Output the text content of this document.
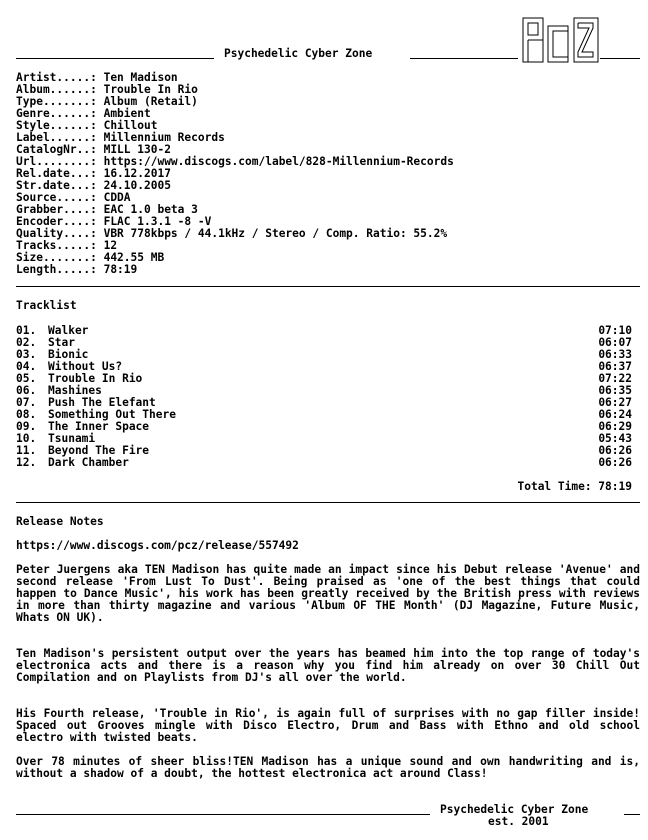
Psychedelic Cyber Zone
Artist.....: Ten Madison
Album......: Trouble In Rio
Type.......: Album (Retail)
Genre......: Ambient
Style......: Chillout
Label......: Millennium Records
CatalogNr..: MILL 130-2
Url........: https://www.discogs.com/label/828-Millennium-Records
Rel.date...: 16.12.2017
Str.date...: 24.10.2005
Source.....: CDDA
Grabber....: EAC 1.0 beta 3
Encoder....: FLAC 1.3.1 -8 -V
Quality....: VBR 778kbps / 44.1kHz / Stereo / Comp. Ratio: 55.2%
Tracks.....: 12
Size.......: 442.55 MB
Length.....: 78:19
Tracklist
01. Walker	07:10
02. Star	06:07
03. Bionic	06:33
04. Without Us?	06:37
05. Trouble In Rio	07:22
06. Mashines	06:35
07. Push The Elefant	06:27
08. Something Out There	06:24
09. The Inner Space	06:29
10. Tsunami	05:43
11. Beyond The Fire	06:26
12. Dark Chamber	06:26
Total Time: 78:19
Release Notes
https://www.discogs.com/pcz/release/557492
Peter Juergens aka TEN Madison has quite made an impact since his Debut release 'Avenue' and second release 'From Lust To Dust'. Being praised as 'one of the best things that could happen to Dance Music', his work has been greatly received by the British press with reviews in more than thirty magazine and various 'Album OF THE Month' (DJ Magazine, Future Music, Whats ON UK).
Ten Madison's persistent output over the years has beamed him into the top range of today's electronica acts and there is a reason why you find him already on over 30 Chill Out Compilation and on Playlists from DJ's all over the world.
His Fourth release, 'Trouble in Rio', is again full of surprises with no gap filler inside! Spaced out Grooves mingle with Disco Electro, Drum and Bass with Ethno and old school electro with twisted beats.
Over 78 minutes of sheer bliss!TEN Madison has a unique sound and own handwriting and is, without a shadow of a doubt, the hottest electronica act around Class!
Psychedelic Cyber Zone
est. 2001
